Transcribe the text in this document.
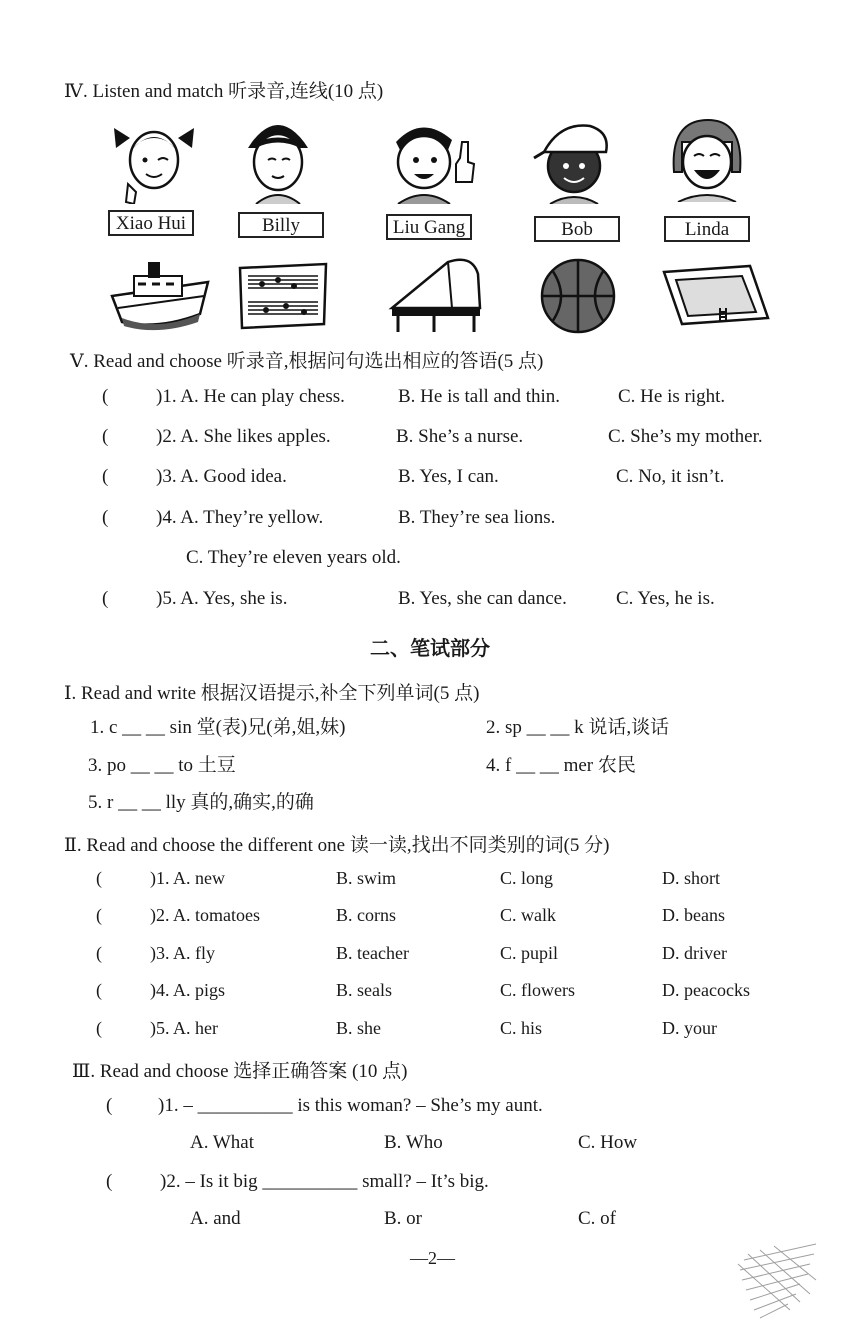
Ⅳ. Listen and match 听录音,连线(10 点)
Xiao Hui	Billy	Liu Gang	Bob	Linda
Ⅴ. Read and choose 听录音,根据问句选出相应的答语(5 点)
(	)1. A. He can play chess.	B. He is tall and thin.	C. He is right.
(	)2. A. She likes apples.	B. She’s a nurse.	C. She’s my mother.
(	)3. A. Good idea.	B. Yes, I can.	C. No, it isn’t.
(	)4. A. They’re yellow.	B. They’re sea lions.
C. They’re eleven years old.
(	)5. A. Yes, she is.	B. Yes, she can dance.	C. Yes, he is.
二、笔试部分
Ⅰ. Read and write 根据汉语提示,补全下列单词(5 点)
1. c __ __ sin 堂(表)兄(弟,姐,妹)	2. sp __ __ k 说话,谈话
3. po __ __ to 土豆	4. f __ __ mer 农民
5. r __ __ lly 真的,确实,的确
Ⅱ. Read and choose the different one 读一读,找出不同类别的词(5 分)
(	)1. A. new	B. swim	C. long	D. short
(	)2. A. tomatoes	B. corns	C. walk	D. beans
(	)3. A. fly	B. teacher	C. pupil	D. driver
(	)4. A. pigs	B. seals	C. flowers	D. peacocks
(	)5. A. her	B. she	C. his	D. your
Ⅲ. Read and choose 选择正确答案 (10 点)
( )1. – __________ is this woman? – She’s my aunt.
A. What	B. Who	C. How
(	)2. – Is it big __________ small? – It’s big.
A. and	B. or	C. of
—2—
